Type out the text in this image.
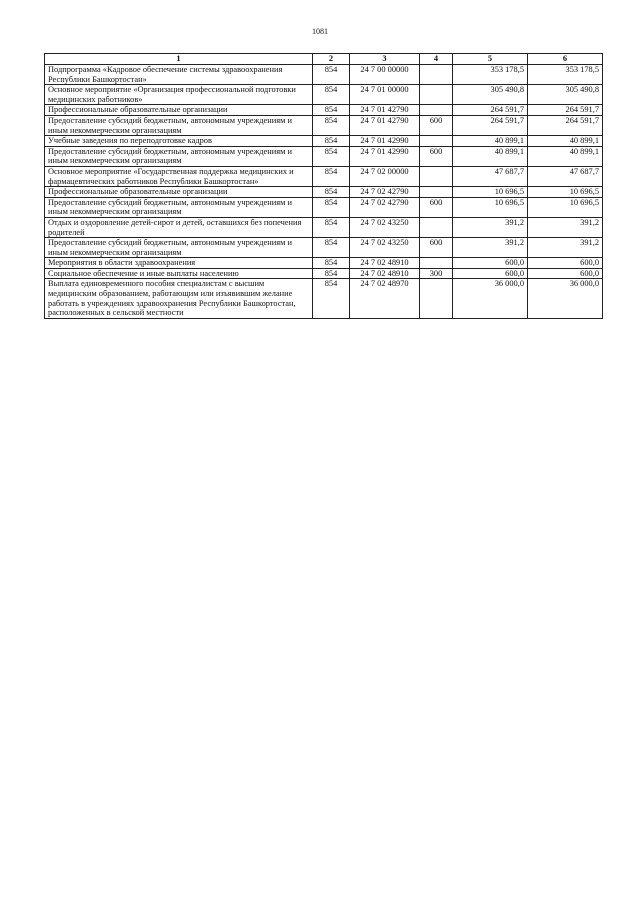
1081
1	2	3	4	5	6
Подпрограмма «Кадровое обеспечение системы здравоохранения Республики Башкортостан»	854	24 7 00 00000		353 178,5	353 178,5
Основное мероприятие «Организация профессиональной подготовки медицинских работников»	854	24 7 01 00000		305 490,8	305 490,8
Профессиональные образовательные организации	854	24 7 01 42790		264 591,7	264 591,7
Предоставление субсидий бюджетным, автономным учреждениям и иным некоммерческим организациям	854	24 7 01 42790	600	264 591,7	264 591,7
Учебные заведения по переподготовке кадров	854	24 7 01 42990		40 899,1	40 899,1
Предоставление субсидий бюджетным, автономным учреждениям и иным некоммерческим организациям	854	24 7 01 42990	600	40 899,1	40 899,1
Основное мероприятие «Государственная поддержка медицинских и фармацевтических работников Республики Башкортостан»	854	24 7 02 00000		47 687,7	47 687,7
Профессиональные образовательные организации	854	24 7 02 42790		10 696,5	10 696,5
Предоставление субсидий бюджетным, автономным учреждениям и иным некоммерческим организациям	854	24 7 02 42790	600	10 696,5	10 696,5
Отдых и оздоровление детей-сирот и детей, оставшихся без попечения родителей	854	24 7 02 43250		391,2	391,2
Предоставление субсидий бюджетным, автономным учреждениям и иным некоммерческим организациям	854	24 7 02 43250	600	391,2	391,2
Мероприятия в области здравоохранения	854	24 7 02 48910		600,0	600,0
Социальное обеспечение и иные выплаты населению	854	24 7 02 48910	300	600,0	600,0
Выплата единовременного пособия специалистам с высшим медицинским образованием, работающим или изъявившим желание работать в учреждениях здравоохранения Республики Башкортостан, расположенных в сельской местности	854	24 7 02 48970		36 000,0	36 000,0
